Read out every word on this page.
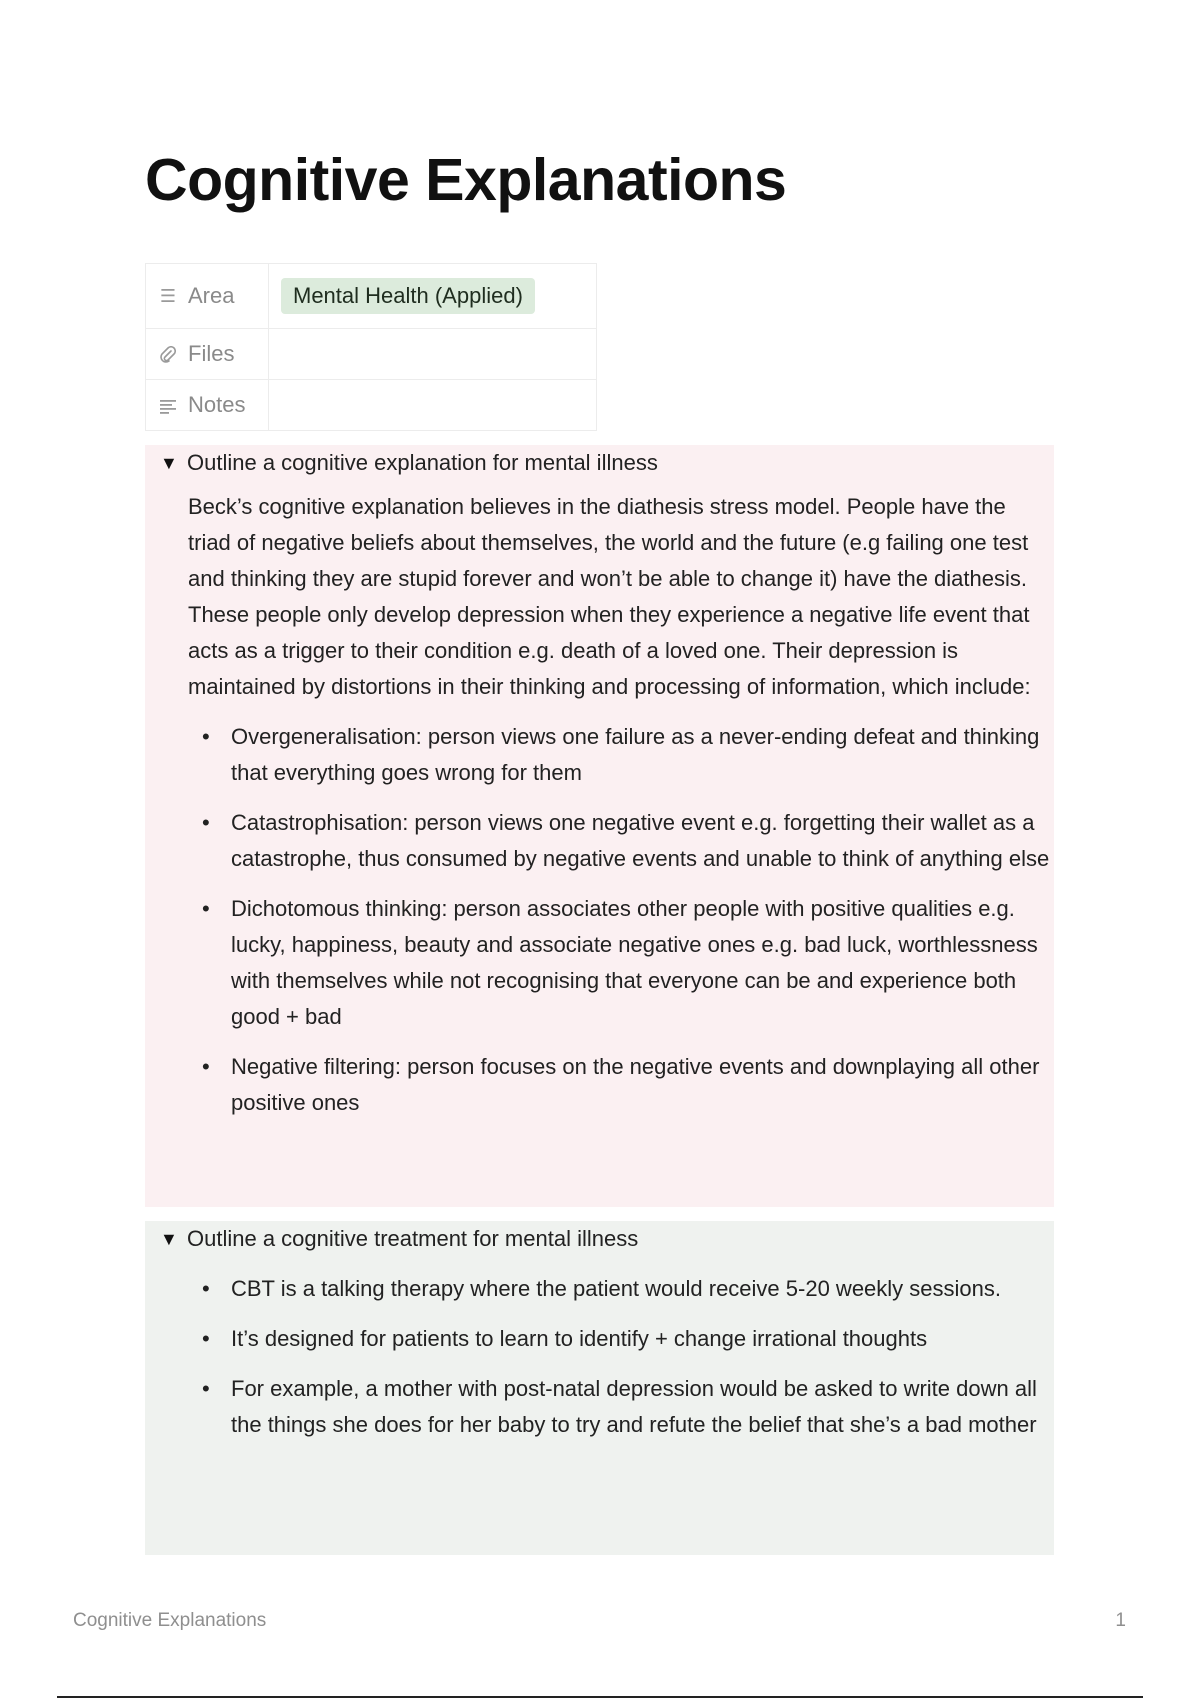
Cognitive Explanations
☰ Area	Mental Health (Applied)
Files	
Notes	
▼ Outline a cognitive explanation for mental illness

Beck’s cognitive explanation believes in the diathesis stress model. People have the triad of negative beliefs about themselves, the world and the future (e.g failing one test and thinking they are stupid forever and won’t be able to change it) have the diathesis. These people only develop depression when they experience a negative life event that acts as a trigger to their condition e.g. death of a loved one. Their depression is maintained by distortions in their thinking and processing of information, which include:

• Overgeneralisation: person views one failure as a never-ending defeat and thinking that everything goes wrong for them
• Catastrophisation: person views one negative event e.g. forgetting their wallet as a catastrophe, thus consumed by negative events and unable to think of anything else
• Dichotomous thinking: person associates other people with positive qualities e.g. lucky, happiness, beauty and associate negative ones e.g. bad luck, worthlessness with themselves while not recognising that everyone can be and experience both good + bad
• Negative filtering: person focuses on the negative events and downplaying all other positive ones
▼ Outline a cognitive treatment for mental illness
• CBT is a talking therapy where the patient would receive 5-20 weekly sessions.
• It’s designed for patients to learn to identify + change irrational thoughts
• For example, a mother with post-natal depression would be asked to write down all the things she does for her baby to try and refute the belief that she’s a bad mother
Cognitive Explanations	1
